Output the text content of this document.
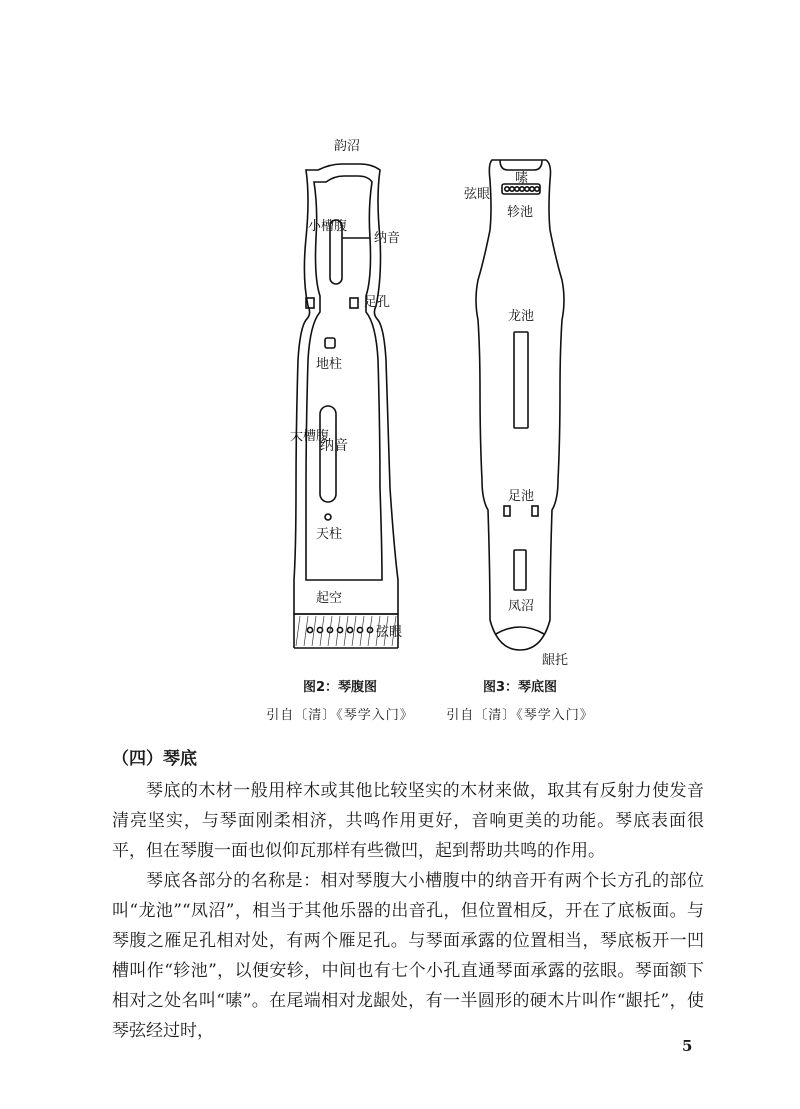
韵沼
小槽腹
纳音
足孔
地柱
大槽腹
纳音
天柱
起空
弦眼
嗉
弦眼
轸池
龙池
足池
凤沼
龈托
图2：琴腹图	图3：琴底图
引自〔清〕《琴学入门》	引自〔清〕《琴学入门》
（四）琴底

琴底的木材一般用梓木或其他比较坚实的木材来做，取其有反射力使发音清亮坚实，与琴面刚柔相济，共鸣作用更好，音响更美的功能。琴底表面很平，但在琴腹一面也似仰瓦那样有些微凹，起到帮助共鸣的作用。

琴底各部分的名称是：相对琴腹大小槽腹中的纳音开有两个长方孔的部位叫“龙池”“凤沼”，相当于其他乐器的出音孔，但位置相反，开在了底板面。与琴腹之雁足孔相对处，有两个雁足孔。与琴面承露的位置相当，琴底板开一凹槽叫作“轸池”，以便安轸，中间也有七个小孔直通琴面承露的弦眼。琴面额下相对之处名叫“嗉”。在尾端相对龙龈处，有一半圆形的硬木片叫作“龈托”，使琴弦经过时，

5
